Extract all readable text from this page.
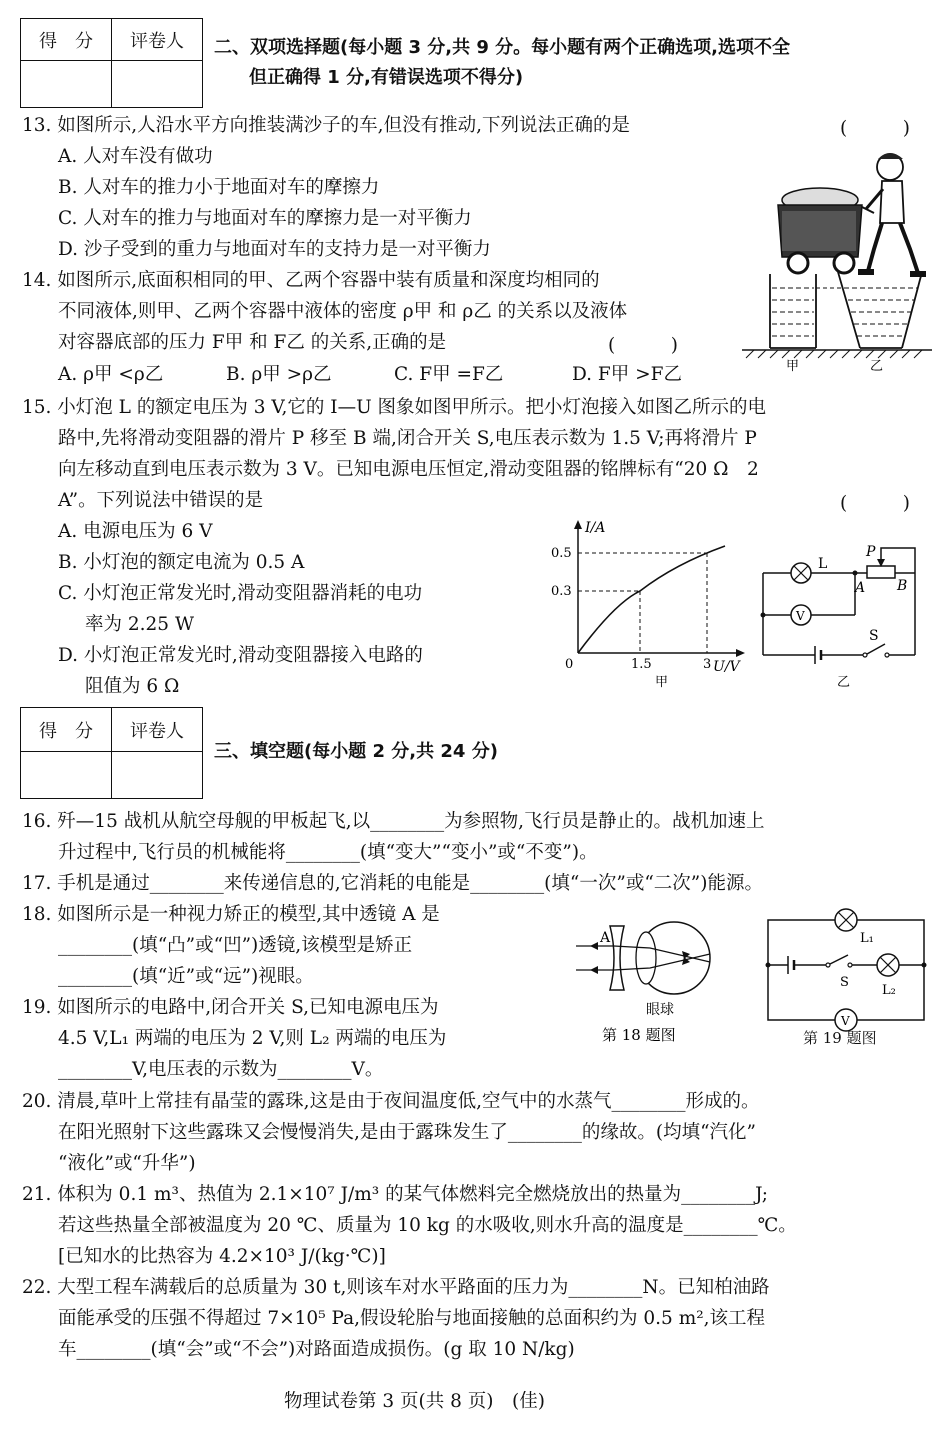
得　分	评卷人
	二、双项选择题(每小题 3 分,共 9 分。每小题有两个正确选项,选项不全
但正确得 1 分,有错误选项不得分)
13. 如图所示,人沿水平方向推装满沙子的车,但没有推动,下列说法正确的是	(　　　)
A. 人对车没有做功
B. 人对车的推力小于地面对车的摩擦力
C. 人对车的推力与地面对车的摩擦力是一对平衡力
D. 沙子受到的重力与地面对车的支持力是一对平衡力
14. 如图所示,底面积相同的甲、乙两个容器中装有质量和深度均相同的
不同液体,则甲、乙两个容器中液体的密度 ρ甲 和 ρ乙 的关系以及液体
对容器底部的压力 F甲 和 F乙 的关系,正确的是	(　　　)
A. ρ甲 <ρ乙	B. ρ甲 >ρ乙	C. F甲 =F乙	D. F甲 >F乙	甲	乙
15. 小灯泡 L 的额定电压为 3 V,它的 I—U 图象如图甲所示。把小灯泡接入如图乙所示的电
路中,先将滑动变阻器的滑片 P 移至 B 端,闭合开关 S,电压表示数为 1.5 V;再将滑片 P
向左移动直到电压表示数为 3 V。已知电源电压恒定,滑动变阻器的铭牌标有“20 Ω　2
A”。下列说法中错误的是	(　　　)
A. 电源电压为 6 V
B. 小灯泡的额定电流为 0.5 A
C. 小灯泡正常发光时,滑动变阻器消耗的电功
率为 2.25 W
D. 小灯泡正常发光时,滑动变阻器接入电路的
阻值为 6 Ω
I/A
U/V
0	1.5	3
0.3
0.5
甲
L
P
A B
V
S
乙
得　分	评卷人

三、填空题(每小题 2 分,共 24 分)
16. 歼—15 战机从航空母舰的甲板起飞,以________为参照物,飞行员是静止的。战机加速上
升过程中,飞行员的机械能将________(填“变大”“变小”或“不变”)。
17. 手机是通过________来传递信息的,它消耗的电能是________(填“一次”或“二次”)能源。
18. 如图所示是一种视力矫正的模型,其中透镜 A 是
________(填“凸”或“凹”)透镜,该模型是矫正
________(填“近”或“远”)视眼。
A
眼球
第 18 题图
L₁
S
L₂
V
第 19 题图
19. 如图所示的电路中,闭合开关 S,已知电源电压为
4.5 V,L₁ 两端的电压为 2 V,则 L₂ 两端的电压为
________V,电压表的示数为________V。
20. 清晨,草叶上常挂有晶莹的露珠,这是由于夜间温度低,空气中的水蒸气________形成的。
在阳光照射下这些露珠又会慢慢消失,是由于露珠发生了________的缘故。(均填“汽化”
“液化”或“升华”)
21. 体积为 0.1 m³、热值为 2.1×10⁷ J/m³ 的某气体燃料完全燃烧放出的热量为________J;
若这些热量全部被温度为 20 ℃、质量为 10 kg 的水吸收,则水升高的温度是________℃。
[已知水的比热容为 4.2×10³ J/(kg·℃)]
22. 大型工程车满载后的总质量为 30 t,则该车对水平路面的压力为________N。已知柏油路
面能承受的压强不得超过 7×10⁵ Pa,假设轮胎与地面接触的总面积约为 0.5 m²,该工程
车________(填“会”或“不会”)对路面造成损伤。(g 取 10 N/kg)
物理试卷第 3 页(共 8 页)　(佳)
